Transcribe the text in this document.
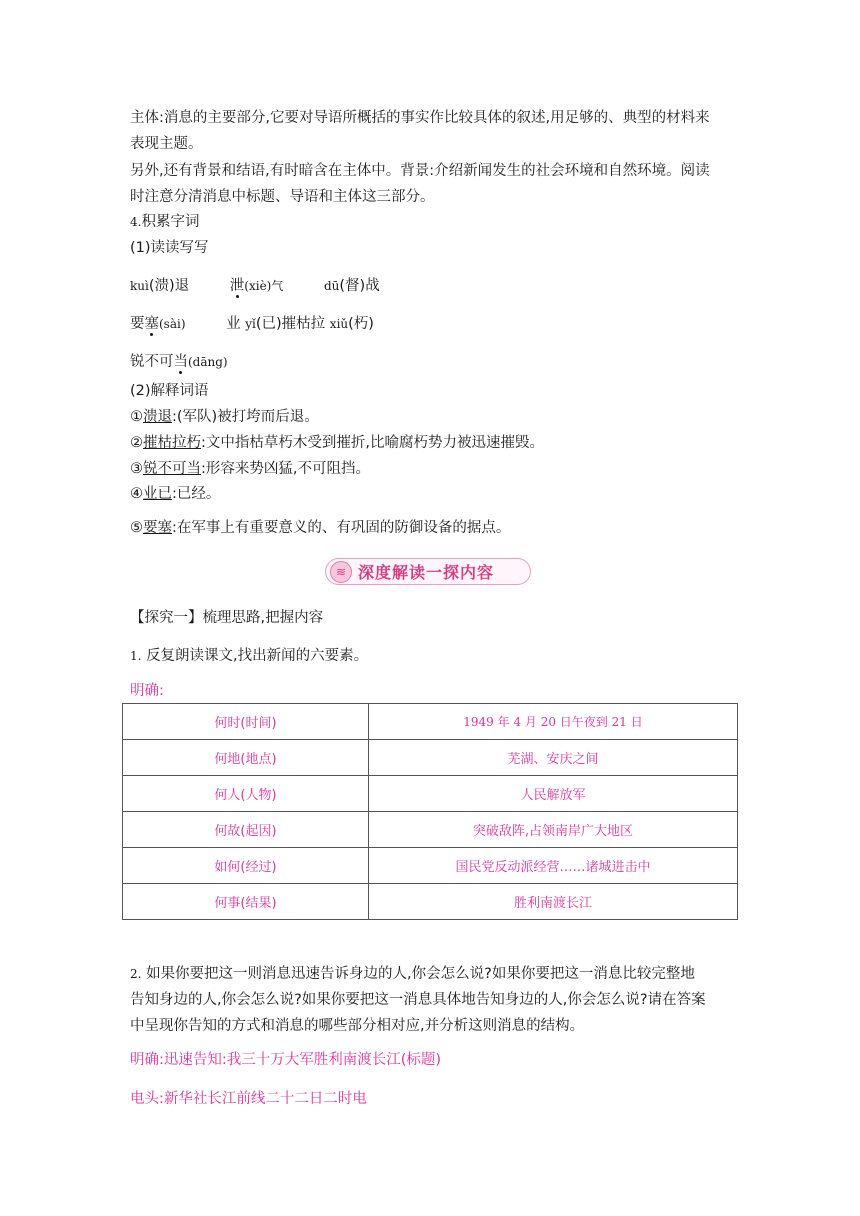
主体:消息的主要部分,它要对导语所概括的事实作比较具体的叙述,用足够的、典型的材料来
表现主题。
另外,还有背景和结语,有时暗含在主体中。背景:介绍新闻发生的社会环境和自然环境。阅读
时注意分清消息中标题、导语和主体这三部分。
4.积累字词
(1)读读写写
kuì(溃)退	泄(xiè)气	dū(督)战
要塞(sài)	业 yǐ(已)摧枯拉 xiǔ(朽)
锐不可当(dāng)
(2)解释词语
①溃退:(军队)被打垮而后退。
②摧枯拉朽:文中指枯草朽木受到摧折,比喻腐朽势力被迅速摧毁。
③锐不可当:形容来势凶猛,不可阻挡。
④业已:已经。
⑤要塞:在军事上有重要意义的、有巩固的防御设备的据点。
≋ 深度解读一探内容
【探究一】梳理思路,把握内容
1. 反复朗读课文,找出新闻的六要素。
明确:
何时(时间)	1949 年 4 月 20 日午夜到 21 日
何地(地点)	芜湖、安庆之间
何人(人物)	人民解放军
何故(起因)	突破敌阵,占领南岸广大地区
如何(经过)	国民党反动派经营……诸城进击中
何事(结果)	胜利南渡长江
2. 如果你要把这一则消息迅速告诉身边的人,你会怎么说?如果你要把这一消息比较完整地
告知身边的人,你会怎么说?如果你要把这一消息具体地告知身边的人,你会怎么说?请在答案
中呈现你告知的方式和消息的哪些部分相对应,并分析这则消息的结构。
明确:迅速告知:我三十万大军胜利南渡长江(标题)
电头:新华社长江前线二十二日二时电
